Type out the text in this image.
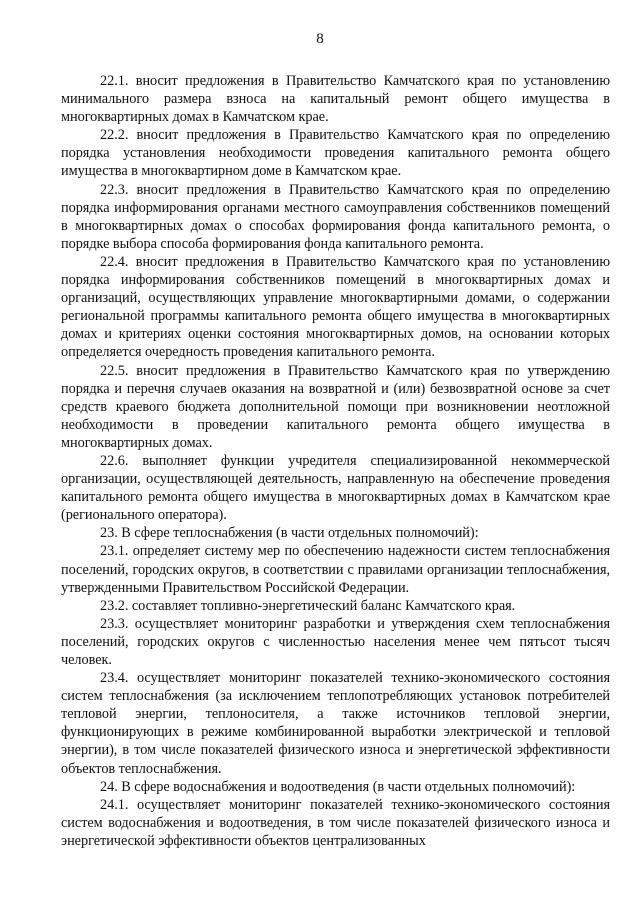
8

22.1. вносит предложения в Правительство Камчатского края по установлению минимального размера взноса на капитальный ремонт общего имущества в многоквартирных домах в Камчатском крае.

22.2. вносит предложения в Правительство Камчатского края по определению порядка установления необходимости проведения капитального ремонта общего имущества в многоквартирном доме в Камчатском крае.

22.3. вносит предложения в Правительство Камчатского края по определению порядка информирования органами местного самоуправления собственников помещений в многоквартирных домах о способах формирования фонда капитального ремонта, о порядке выбора способа формирования фонда капитального ремонта.

22.4. вносит предложения в Правительство Камчатского края по установлению порядка информирования собственников помещений в многоквартирных домах и организаций, осуществляющих управление многоквартирными домами, о содержании региональной программы капитального ремонта общего имущества в многоквартирных домах и критериях оценки состояния многоквартирных домов, на основании которых определяется очередность проведения капитального ремонта.

22.5. вносит предложения в Правительство Камчатского края по утверждению порядка и перечня случаев оказания на возвратной и (или) безвозвратной основе за счет средств краевого бюджета дополнительной помощи при возникновении неотложной необходимости в проведении капитального ремонта общего имущества в многоквартирных домах.

22.6. выполняет функции учредителя специализированной некоммерческой организации, осуществляющей деятельность, направленную на обеспечение проведения капитального ремонта общего имущества в многоквартирных домах в Камчатском крае (регионального оператора).

23. В сфере теплоснабжения (в части отдельных полномочий):

23.1. определяет систему мер по обеспечению надежности систем теплоснабжения поселений, городских округов, в соответствии с правилами организации теплоснабжения, утвержденными Правительством Российской Федерации.

23.2. составляет топливно-энергетический баланс Камчатского края.

23.3. осуществляет мониторинг разработки и утверждения схем теплоснабжения поселений, городских округов с численностью населения менее чем пятьсот тысяч человек.

23.4. осуществляет мониторинг показателей технико-экономического состояния систем теплоснабжения (за исключением теплопотребляющих установок потребителей тепловой энергии, теплоносителя, а также источников тепловой энергии, функционирующих в режиме комбинированной выработки электрической и тепловой энергии), в том числе показателей физического износа и энергетической эффективности объектов теплоснабжения.

24. В сфере водоснабжения и водоотведения (в части отдельных полномочий):

24.1. осуществляет мониторинг показателей технико-экономического состояния систем водоснабжения и водоотведения, в том числе показателей физического износа и энергетической эффективности объектов централизованных
